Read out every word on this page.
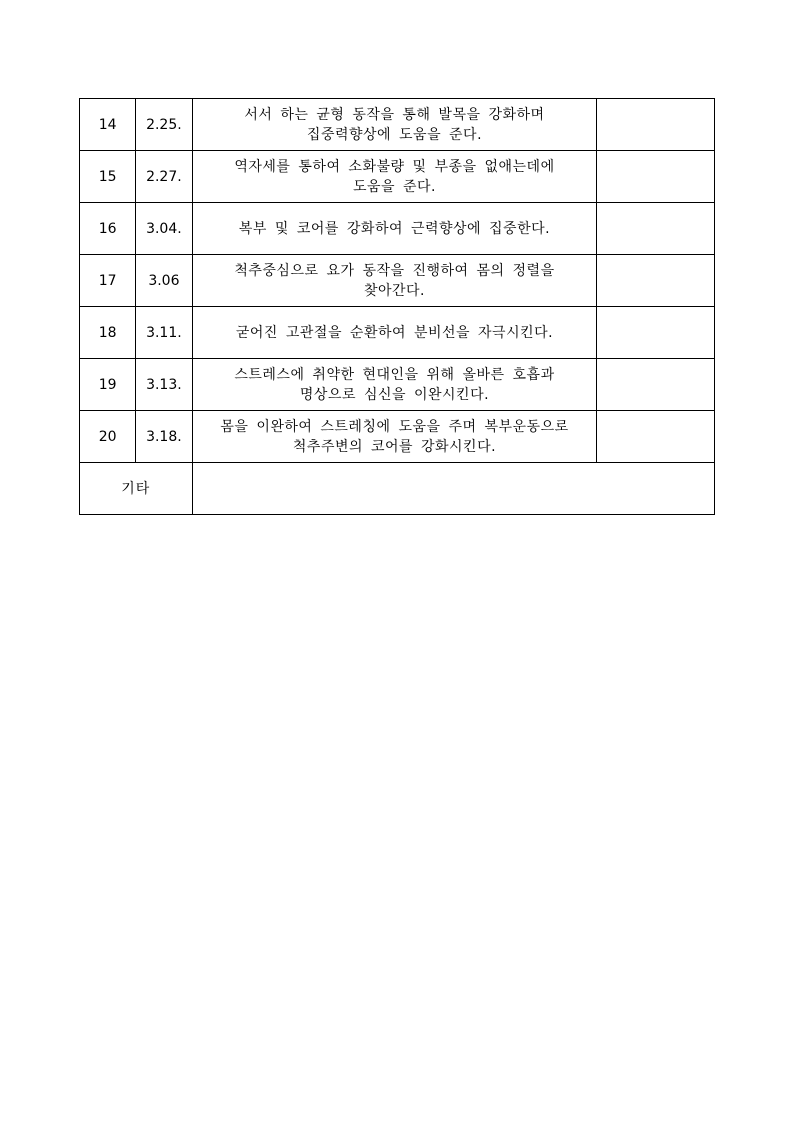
14	2.25.	서서 하는 균형 동작을 통해 발목을 강화하며
집중력향상에 도움을 준다.	

15	2.27.	역자세를 통하여 소화불량 및 부종을 없애는데에
도움을 준다.	

16	3.04.	복부 및 코어를 강화하여 근력향상에 집중한다.	

17	3.06	척추중심으로 요가 동작을 진행하여 몸의 정렬을
찾아간다.	

18	3.11.	굳어진 고관절을 순환하여 분비선을 자극시킨다.	

19	3.13.	스트레스에 취약한 현대인을 위해 올바른 호흡과
명상으로 심신을 이완시킨다.	

20	3.18.	몸을 이완하여 스트레칭에 도움을 주며 복부운동으로
척추주변의 코어를 강화시킨다.	

기타			
